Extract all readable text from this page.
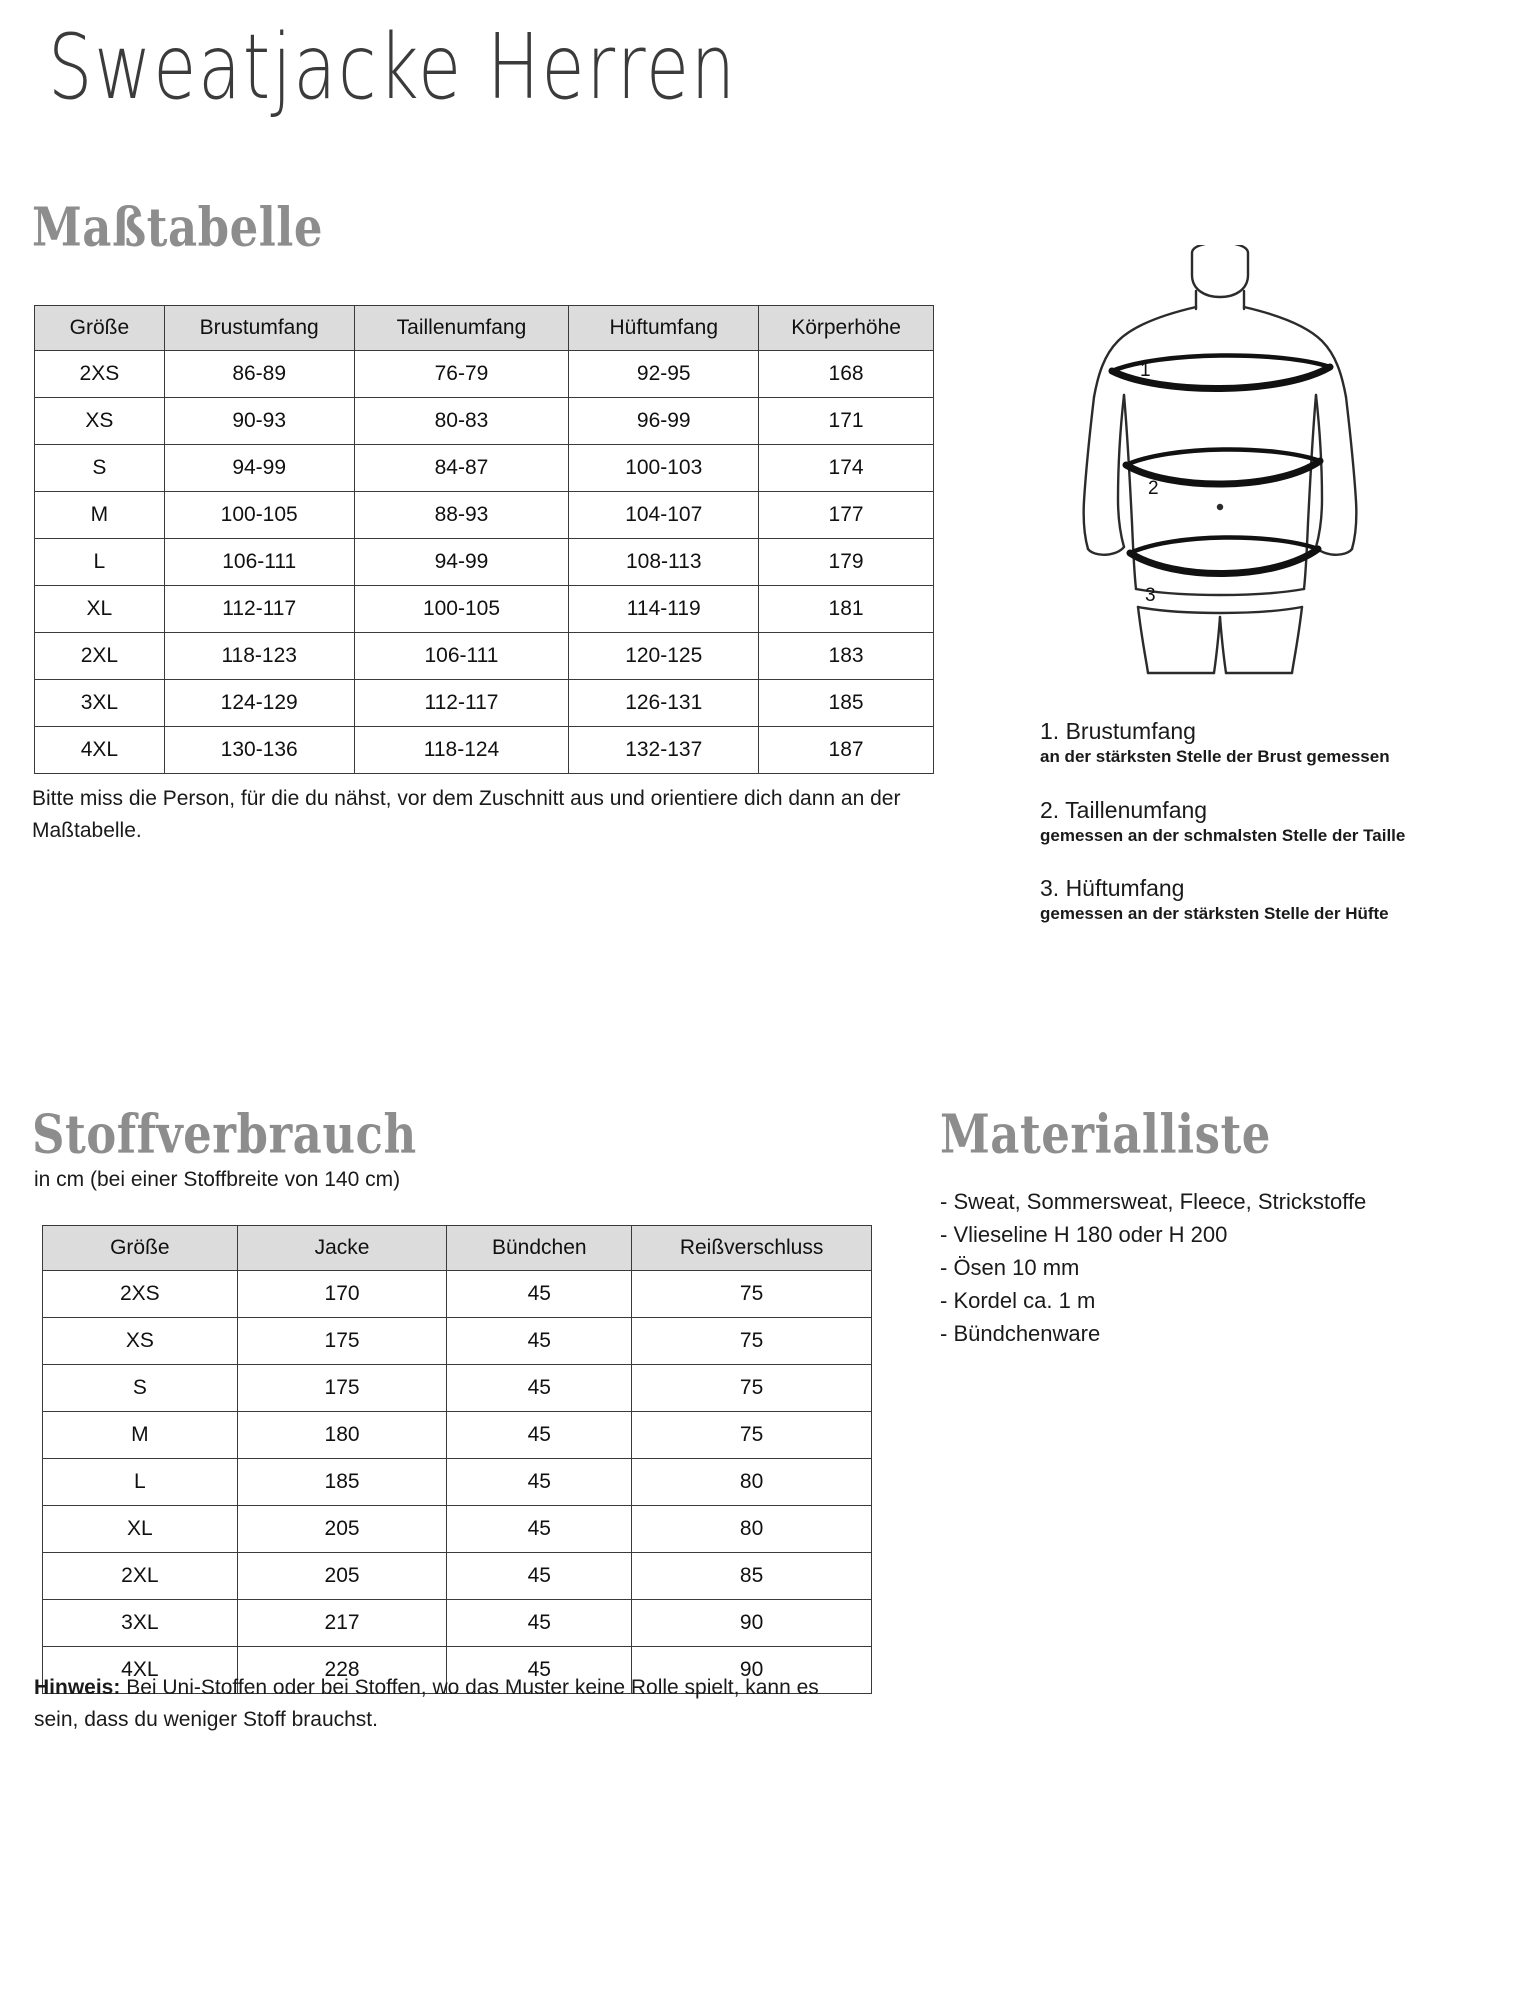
Sweatjacke Herren
Maßtabelle
Größe	Brustumfang	Taillenumfang	Hüftumfang	Körperhöhe
2XS	86-89	76-79	92-95	168
XS	90-93	80-83	96-99	171
S	94-99	84-87	100-103	174
M	100-105	88-93	104-107	177
L	106-111	94-99	108-113	179
XL	112-117	100-105	114-119	181
2XL	118-123	106-111	120-125	183
3XL	124-129	112-117	126-131	185
4XL	130-136	118-124	132-137	187
Bitte miss die Person, für die du nähst, vor dem Zuschnitt aus und orientiere dich dann an der Maßtabelle.
1
2
3
1. Brustumfang
an der stärksten Stelle der Brust gemessen
2. Taillenumfang
gemessen an der schmalsten Stelle der Taille
3. Hüftumfang
gemessen an der stärksten Stelle der Hüfte
Stoffverbrauch
in cm (bei einer Stoffbreite von 140 cm)
Größe	Jacke	Bündchen	Reißverschluss
2XS	170	45	75
XS	175	45	75
S	175	45	75
M	180	45	75
L	185	45	80
XL	205	45	80
2XL	205	45	85
3XL	217	45	90
4XL	228	45	90
Hinweis: Bei Uni-Stoffen oder bei Stoffen, wo das Muster keine Rolle spielt, kann es sein, dass du weniger Stoff brauchst.
Materialliste
- Sweat, Sommersweat, Fleece, Strickstoffe
- Vlieseline H 180 oder H 200
- Ösen 10 mm
- Kordel ca. 1 m
- Bündchenware
